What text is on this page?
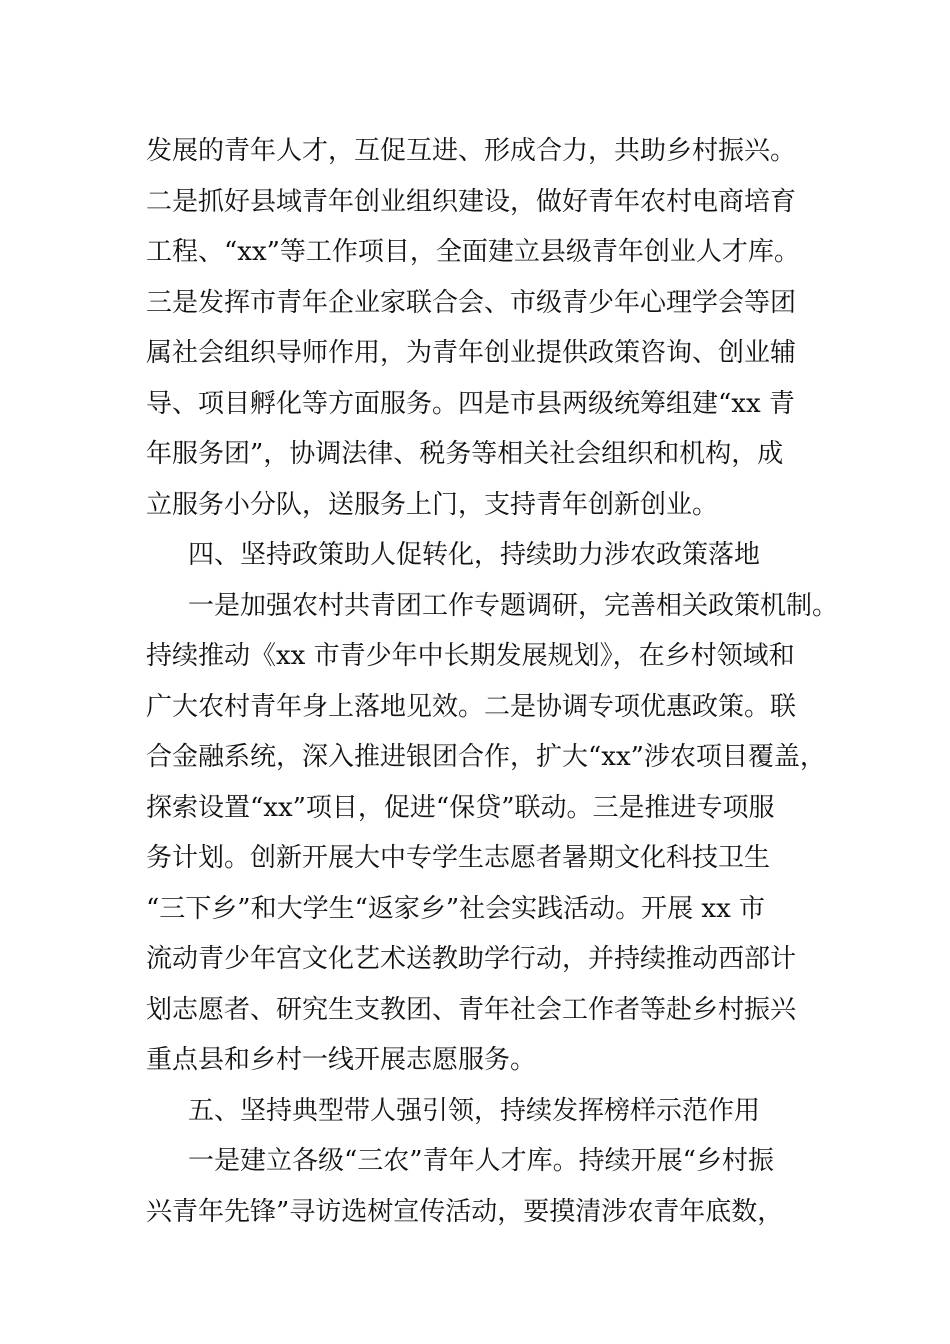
发展的青年人才，互促互进、形成合力，共助乡村振兴。
二是抓好县域青年创业组织建设，做好青年农村电商培育
工程、“xx”等工作项目，全面建立县级青年创业人才库。
三是发挥市青年企业家联合会、市级青少年心理学会等团
属社会组织导师作用，为青年创业提供政策咨询、创业辅
导、项目孵化等方面服务。四是市县两级统筹组建“xx 青
年服务团”，协调法律、税务等相关社会组织和机构，成
立服务小分队，送服务上门，支持青年创新创业。
四、坚持政策助人促转化，持续助力涉农政策落地
一是加强农村共青团工作专题调研，完善相关政策机制。
持续推动《xx 市青少年中长期发展规划》，在乡村领域和
广大农村青年身上落地见效。二是协调专项优惠政策。联
合金融系统，深入推进银团合作，扩大“xx”涉农项目覆盖，
探索设置“xx”项目，促进“保贷”联动。三是推进专项服
务计划。创新开展大中专学生志愿者暑期文化科技卫生
“三下乡”和大学生“返家乡”社会实践活动。开展 xx 市
流动青少年宫文化艺术送教助学行动，并持续推动西部计
划志愿者、研究生支教团、青年社会工作者等赴乡村振兴
重点县和乡村一线开展志愿服务。
五、坚持典型带人强引领，持续发挥榜样示范作用
一是建立各级“三农”青年人才库。持续开展“乡村振
兴青年先锋”寻访选树宣传活动，要摸清涉农青年底数，
